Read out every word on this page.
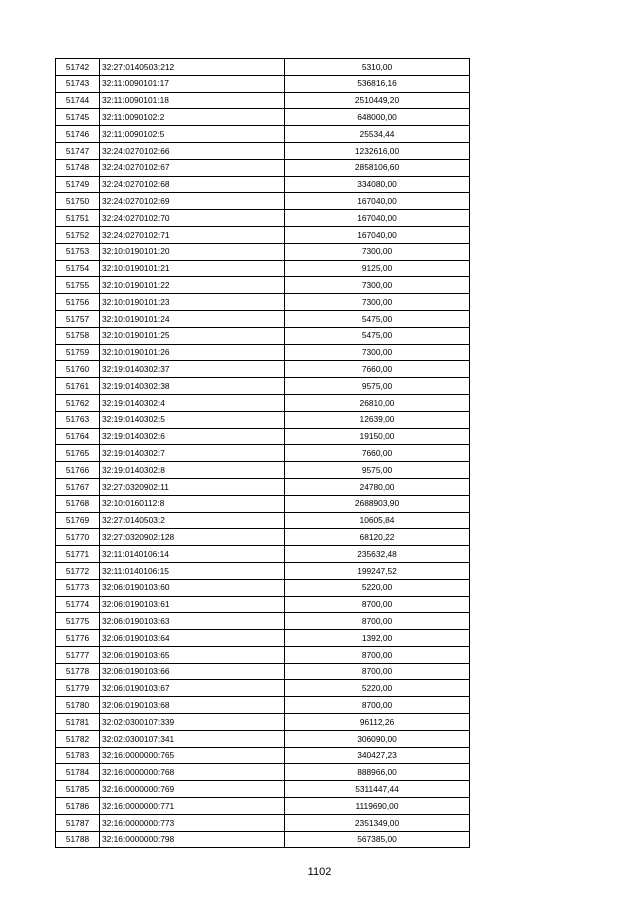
51742	32:27:0140503:212	5310,00
51743	32:11:0090101:17	536816,16
51744	32:11:0090101:18	2510449,20
51745	32:11:0090102:2	648000,00
51746	32:11:0090102:5	25534,44
51747	32:24:0270102:66	1232616,00
51748	32:24:0270102:67	2858106,60
51749	32:24:0270102:68	334080,00
51750	32:24:0270102:69	167040,00
51751	32:24:0270102:70	167040,00
51752	32:24:0270102:71	167040,00
51753	32:10:0190101:20	7300,00
51754	32:10:0190101:21	9125,00
51755	32:10:0190101:22	7300,00
51756	32:10:0190101:23	7300,00
51757	32:10:0190101:24	5475,00
51758	32:10:0190101:25	5475,00
51759	32:10:0190101:26	7300,00
51760	32:19:0140302:37	7660,00
51761	32:19:0140302:38	9575,00
51762	32:19:0140302:4	26810,00
51763	32:19:0140302:5	12639,00
51764	32:19:0140302:6	19150,00
51765	32:19:0140302:7	7660,00
51766	32:19:0140302:8	9575,00
51767	32:27:0320902:11	24780,00
51768	32:10:0160112:8	2688903,90
51769	32:27:0140503:2	10605,84
51770	32:27:0320902:128	68120,22
51771	32:11:0140106:14	235632,48
51772	32:11:0140106:15	199247,52
51773	32:06:0190103:60	5220,00
51774	32:06:0190103:61	8700,00
51775	32:06:0190103:63	8700,00
51776	32:06:0190103:64	1392,00
51777	32:06:0190103:65	8700,00
51778	32:06:0190103:66	8700,00
51779	32:06:0190103:67	5220,00
51780	32:06:0190103:68	8700,00
51781	32:02:0300107:339	96112,26
51782	32:02:0300107:341	306090,00
51783	32:16:0000000:765	340427,23
51784	32:16:0000000:768	888966,00
51785	32:16:0000000:769	5311447,44
51786	32:16:0000000:771	1119690,00
51787	32:16:0000000:773	2351349,00
51788	32:16:0000000:798	567385,00
1102
